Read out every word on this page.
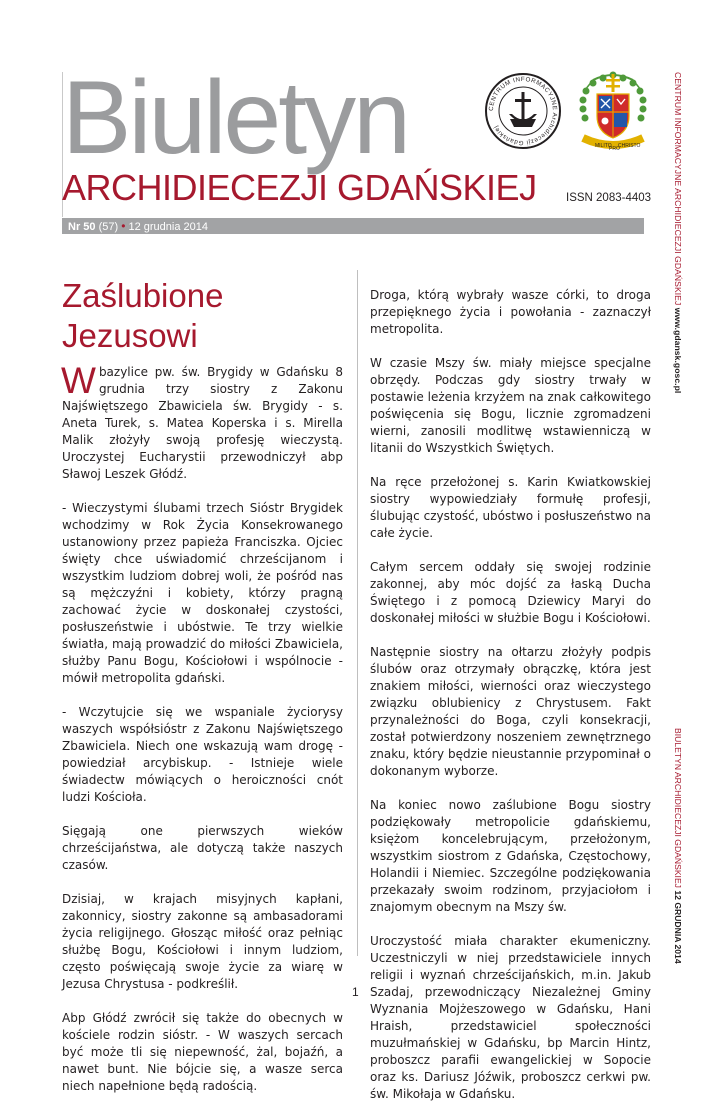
Biuletyn
ARCHIDIECEZJI GDAŃSKIEJ
CENTRUM INFORMACYJNE Archidiecezji Gdańskiej
MILITO
PRO
CHRISTO
ISSN 2083-4403
Nr 50 (57) • 12 grudnia 2014	CENTRUM INFORMACYJNE ARCHIDIECEZJI GDAŃSKIEJ www.gdansk.gosc.pl
BIULETYN ARCHIDIECEZJI GDAŃSKIEJ 12 GRUDNIA 2014
Zaślubione Jezusowi

Wbazylice pw. św. Brygidy w Gdańsku 8 grudnia trzy siostry z Zakonu Najświętszego Zbawiciela św. Brygidy - s. Aneta Turek, s. Matea Koperska i s. Mirella Malik złożyły swoją profesję wieczystą. Uroczystej Eucharystii przewodniczył abp Sławoj Leszek Głódź.

- Wieczystymi ślubami trzech Sióstr Brygidek wchodzimy w Rok Życia Konsekrowanego ustanowiony przez papieża Franciszka. Ojciec święty chce uświadomić chrześcijanom i wszystkim ludziom dobrej woli, że pośród nas są mężczyźni i kobiety, którzy pragną zachować życie w doskonałej czystości, posłuszeństwie i ubóstwie. Te trzy wielkie światła, mają prowadzić do miłości Zbawiciela, służby Panu Bogu, Kościołowi i wspólnocie - mówił metropolita gdański.

- Wczytujcie się we wspaniale życiorysy waszych współsióstr z Zakonu Najświętszego Zbawiciela. Niech one wskazują wam drogę - powiedział arcybiskup. - Istnieje wiele świadectw mówiących o heroiczności cnót ludzi Kościoła.

Sięgają one pierwszych wieków chrześcijaństwa, ale dotyczą także naszych czasów.

Dzisiaj, w krajach misyjnych kapłani, zakonnicy, siostry zakonne są ambasadorami życia religijnego. Głosząc miłość oraz pełniąc służbę Bogu, Kościołowi i innym ludziom, często poświęcają swoje życie za wiarę w Jezusa Chrystusa - podkreślił.

Abp Głódź zwrócił się także do obecnych w kościele rodzin sióstr. - W waszych sercach być może tli się niepewność, żal, bojaźń, a nawet bunt. Nie bójcie się, a wasze serca niech napełnione będą radością.

Droga, którą wybrały wasze córki, to droga przepięknego życia i powołania - zaznaczył metropolita.

W czasie Mszy św. miały miejsce specjalne obrzędy. Podczas gdy siostry trwały w postawie leżenia krzyżem na znak całkowitego poświęcenia się Bogu, licznie zgromadzeni wierni, zanosili modlitwę wstawienniczą w litanii do Wszystkich Świętych.

Na ręce przełożonej s. Karin Kwiatkowskiej siostry wypowiedziały formułę profesji, ślubując czystość, ubóstwo i posłuszeństwo na całe życie.

Całym sercem oddały się swojej rodzinie zakonnej, aby móc dojść za łaską Ducha Świętego i z pomocą Dziewicy Maryi do doskonałej miłości w służbie Bogu i Kościołowi.

Następnie siostry na ołtarzu złożyły podpis ślubów oraz otrzymały obrączkę, która jest znakiem miłości, wierności oraz wieczystego związku oblubienicy z Chrystusem. Fakt przynależności do Boga, czyli konsekracji, został potwierdzony noszeniem zewnętrznego znaku, który będzie nieustannie przypominał o dokonanym wyborze.

Na koniec nowo zaślubione Bogu siostry podziękowały metropolicie gdańskiemu, księżom koncelebrującym, przełożonym, wszystkim siostrom z Gdańska, Częstochowy, Holandii i Niemiec. Szczególne podziękowania przekazały swoim rodzinom, przyjaciołom i znajomym obecnym na Mszy św.

Uroczystość miała charakter ekumeniczny. Uczestniczyli w niej przedstawiciele innych religii i wyznań chrześcijańskich, m.in. Jakub Szadaj, przewodniczący Niezależnej Gminy Wyznania Mojżeszowego w Gdańsku, Hani Hraish, przedstawiciel społeczności muzułmańskiej w Gdańsku, bp Marcin Hintz, proboszcz parafii ewangelickiej w Sopocie oraz ks. Dariusz Jóźwik, proboszcz cerkwi pw. św. Mikołaja w Gdańsku.

1
